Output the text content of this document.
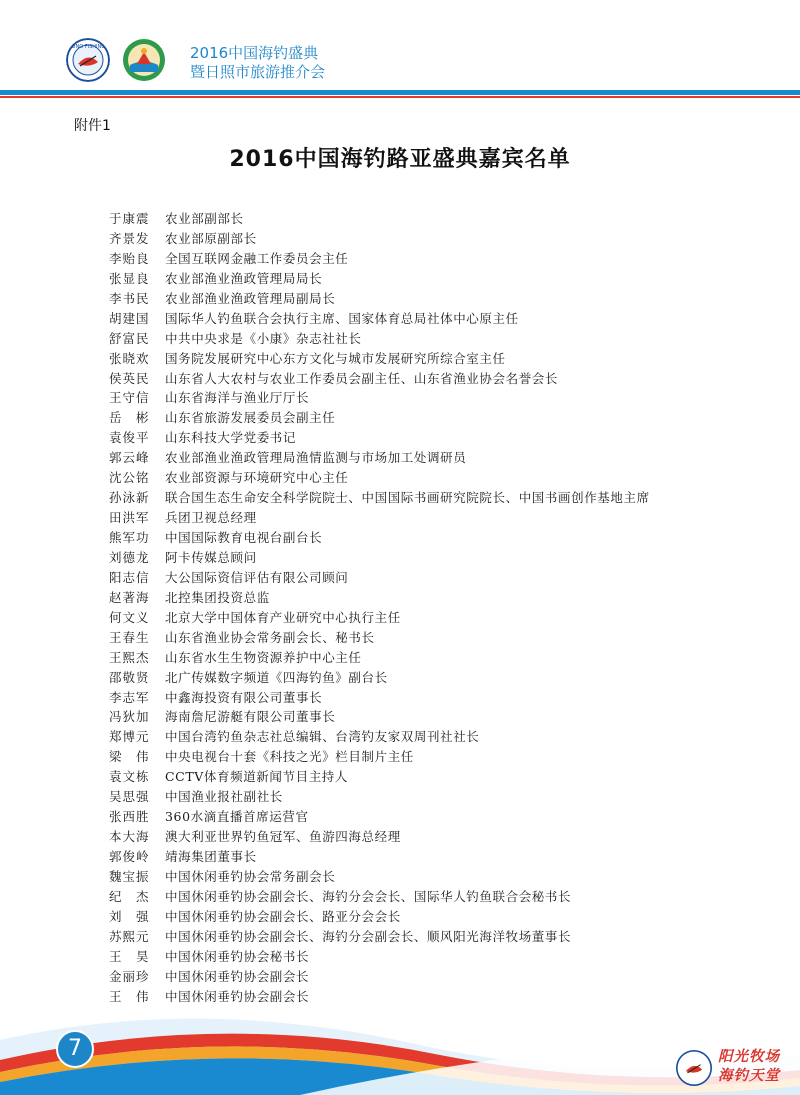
SINO FISHING	2016中国海钓盛典
暨日照市旅游推介会
附件1
2016中国海钓路亚盛典嘉宾名单
于康震 农业部副部长
齐景发 农业部原副部长
李贻良 全国互联网金融工作委员会主任
张显良 农业部渔业渔政管理局局长
李书民 农业部渔业渔政管理局副局长
胡建国 国际华人钓鱼联合会执行主席、国家体育总局社体中心原主任
舒富民 中共中央求是《小康》杂志社社长
张晓欢 国务院发展研究中心东方文化与城市发展研究所综合室主任
侯英民 山东省人大农村与农业工作委员会副主任、山东省渔业协会名誉会长
王守信 山东省海洋与渔业厅厅长
岳　彬 山东省旅游发展委员会副主任
袁俊平 山东科技大学党委书记
郭云峰 农业部渔业渔政管理局渔情监测与市场加工处调研员
沈公铭 农业部资源与环境研究中心主任
孙泳新 联合国生态生命安全科学院院士、中国国际书画研究院院长、中国书画创作基地主席
田洪军 兵团卫视总经理
熊军功 中国国际教育电视台副台长
刘德龙 阿卡传媒总顾问
阳志信 大公国际资信评估有限公司顾问
赵著海 北控集团投资总监
何文义 北京大学中国体育产业研究中心执行主任
王春生 山东省渔业协会常务副会长、秘书长
王熙杰 山东省水生生物资源养护中心主任
邵敬贤 北广传媒数字频道《四海钓鱼》副台长
李志军 中鑫海投资有限公司董事长
冯狄加 海南詹尼游艇有限公司董事长
郑博元 中国台湾钓鱼杂志社总编辑、台湾钓友家双周刊社社长
梁　伟 中央电视台十套《科技之光》栏目制片主任
袁文栋 CCTV体育频道新闻节目主持人
吴思强 中国渔业报社副社长
张西胜 360水滴直播首席运营官
本大海 澳大利亚世界钓鱼冠军、鱼游四海总经理
郭俊岭 靖海集团董事长
魏宝振 中国休闲垂钓协会常务副会长
纪　杰 中国休闲垂钓协会副会长、海钓分会会长、国际华人钓鱼联合会秘书长
刘　强 中国休闲垂钓协会副会长、路亚分会会长
苏熙元 中国休闲垂钓协会副会长、海钓分会副会长、顺风阳光海洋牧场董事长
王　昊 中国休闲垂钓协会秘书长
金丽珍 中国休闲垂钓协会副会长
王　伟 中国休闲垂钓协会副会长
7	阳光牧场
海钓天堂
